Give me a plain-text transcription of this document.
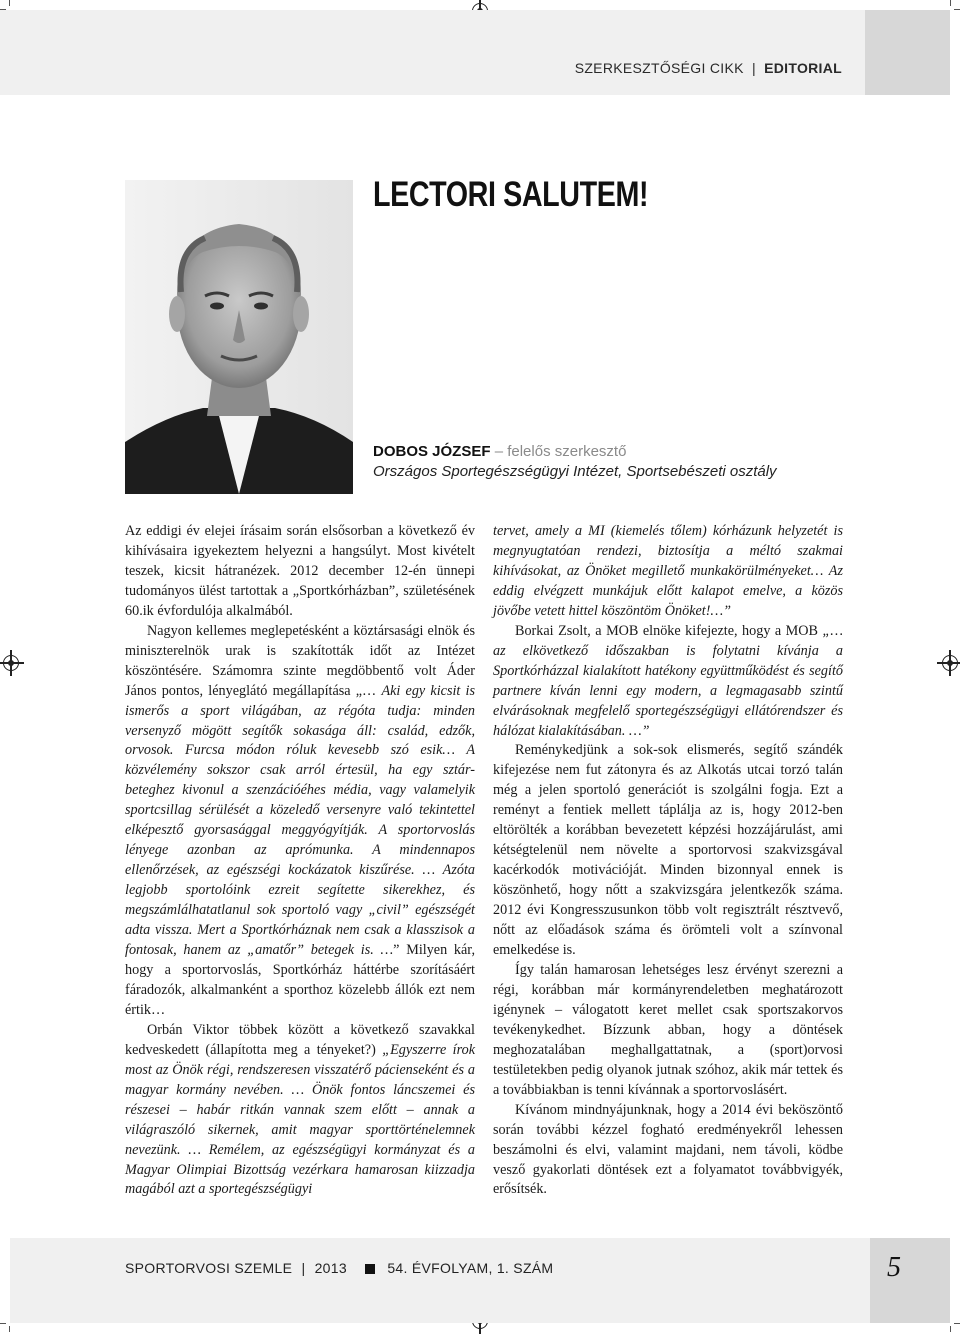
SZERKESZTŐSÉGI CIKK | EDITORIAL
LECTORI SALUTEM!
DOBOS JÓZSEF – felelős szerkesztő
Országos Sportegészségügyi Intézet, Sportsebészeti osztály

Az eddigi év elejei írásaim során elsősorban a következő év kihívásaira igyekeztem helyezni a hangsúlyt. Most kivételt teszek, kicsit hátranézek. 2012 december 12-én ünnepi tudományos ülést tartottak a „Sportkórházban”, születésének 60.ik évfordulója alkalmából.

Nagyon kellemes meglepetésként a köztársasági elnök és miniszterelnök urak is szakították időt az Intézet köszöntésére. Számomra szinte megdöbbentő volt Áder János pontos, lényeglátó megállapítása „… Aki egy kicsit is ismerős a sport világában, az régóta tudja: minden versenyző mögött segítők sokasága áll: család, edzők, orvosok. Furcsa módon róluk kevesebb szó esik… A közvélemény sokszor csak arról értesül, ha egy sztár-beteghez kivonul a szenzációéhes média, vagy valamelyik sportcsillag sérülését a közeledő versenyre való tekintettel elképesztő gyorsasággal meggyógyítják. A sportorvoslás lényege azonban az aprómunka. A mindennapos ellenőrzések, az egészségi kockázatok kiszűrése. … Azóta legjobb sportolóink ezreit segítette sikerekhez, és megszámlálhatatlanul sok sportoló vagy „civil” egészségét adta vissza. Mert a Sportkórháznak nem csak a klasszisok a fontosak, hanem az „amatőr” betegek is. …” Milyen kár, hogy a sportorvoslás, Sportkórház háttérbe szorításáért fáradozók, alkalmanként a sporthoz közelebb állók ezt nem értik…

Orbán Viktor többek között a következő szavakkal kedveskedett (állapította meg a tényeket?) „Egyszerre írok most az Önök régi, rendszeresen visszatérő pácienseként és a magyar kormány nevében. … Önök fontos láncszemei és részesei – habár ritkán vannak szem előtt – annak a világraszóló sikernek, amit magyar sporttörténelemnek nevezünk. … Remélem, az egészségügyi kormányzat és a Magyar Olimpiai Bizottság vezérkara hamarosan kiizzadja magából azt a sportegészségügyi

tervet, amely a MI (kiemelés tőlem) kórházunk helyzetét is megnyugtatóan rendezi, biztosítja a méltó szakmai kihívásokat, az Önöket megillető munkakörülményeket… Az eddig elvégzett munkájuk előtt kalapot emelve, a közös jövőbe vetett hittel köszöntöm Önöket!…”

Borkai Zsolt, a MOB elnöke kifejezte, hogy a MOB „… az elkövetkező időszakban is folytatni kívánja a Sportkórházzal kialakított hatékony együttműködést és segítő partnere kíván lenni egy modern, a legmagasabb szintű elvárásoknak megfelelő sportegészségügyi ellátórendszer és hálózat kialakításában. …”

Reménykedjünk a sok-sok elismerés, segítő szándék kifejezése nem fut zátonyra és az Alkotás utcai torzó talán még a jelen sportoló generációt is szolgálni fogja. Ezt a reményt a fentiek mellett táplálja az is, hogy 2012-ben eltörölték a korábban bevezetett képzési hozzájárulást, ami kétségtelenül nem növelte a sportorvosi szakvizsgával kacérkodók motivációját. Minden bizonnyal ennek is köszönhető, hogy nőtt a szakvizsgára jelentkezők száma. 2012 évi Kongresszusunkon több volt regisztrált résztvevő, nőtt az előadások száma és örömteli volt a színvonal emelkedése is.

Így talán hamarosan lehetséges lesz érvényt szerezni a régi, korábban már kormányrendeletben meghatározott igénynek – válogatott keret mellet csak sportszakorvos tevékenykedhet. Bízzunk abban, hogy a döntések meghozatalában meghallgattatnak, a (sport)orvosi testületekben pedig olyanok jutnak szóhoz, akik már tettek és a továbbiakban is tenni kívánnak a sportorvoslásért.

Kívánom mindnyájunknak, hogy a 2014 évi beköszöntő során további kézzel fogható eredményekről lehessen beszámolni és elvi, valamint majdani, nem távoli, ködbe vesző gyakorlati döntések ezt a folyamatot továbbvigyék, erősítsék.

SPORTORVOSI SZEMLE | 2013	54. ÉVFOLYAM, 1. SZÁM	5
